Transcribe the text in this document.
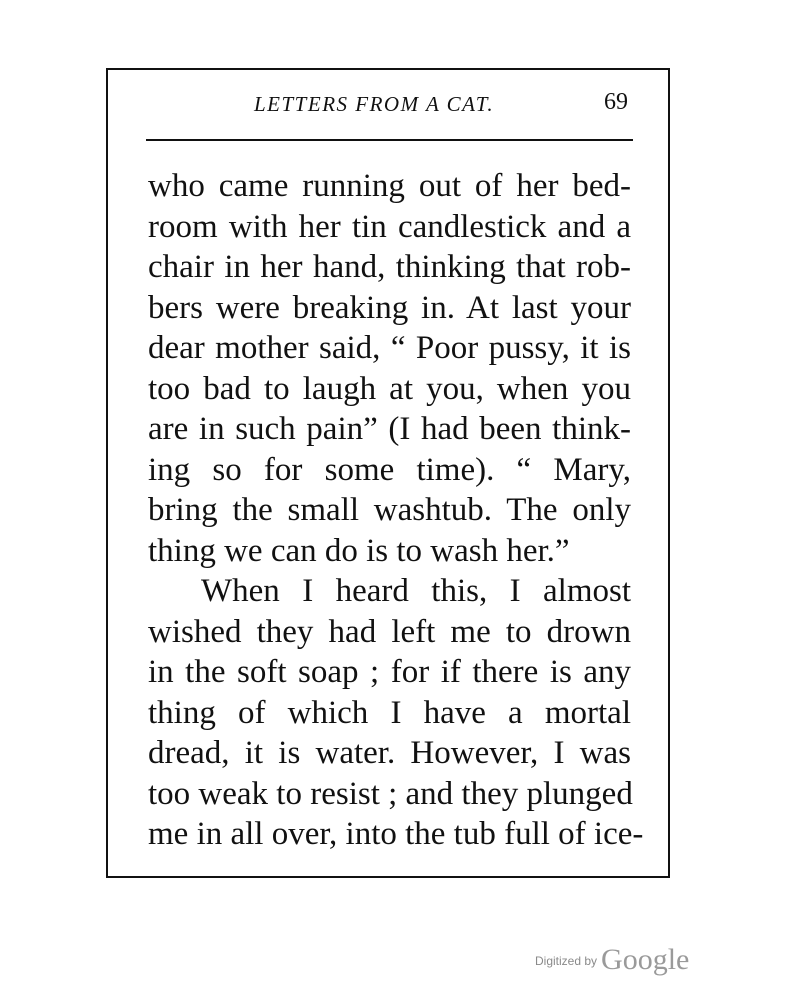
LETTERS FROM A CAT.	69
who came running out of her bed-
room with her tin candlestick and a
chair in her hand, thinking that rob-
bers were breaking in. At last your
dear mother said, “ Poor pussy, it is
too bad to laugh at you, when you
are in such pain” (I had been think-
ing so for some time). “ Mary,
bring the small washtub. The only
thing we can do is to wash her.”
When I heard this, I almost
wished they had left me to drown
in the soft soap ; for if there is any
thing of which I have a mortal
dread, it is water. However, I was
too weak to resist ; and they plunged
me in all over, into the tub full of ice-
$^{Digitized by}$ Google
